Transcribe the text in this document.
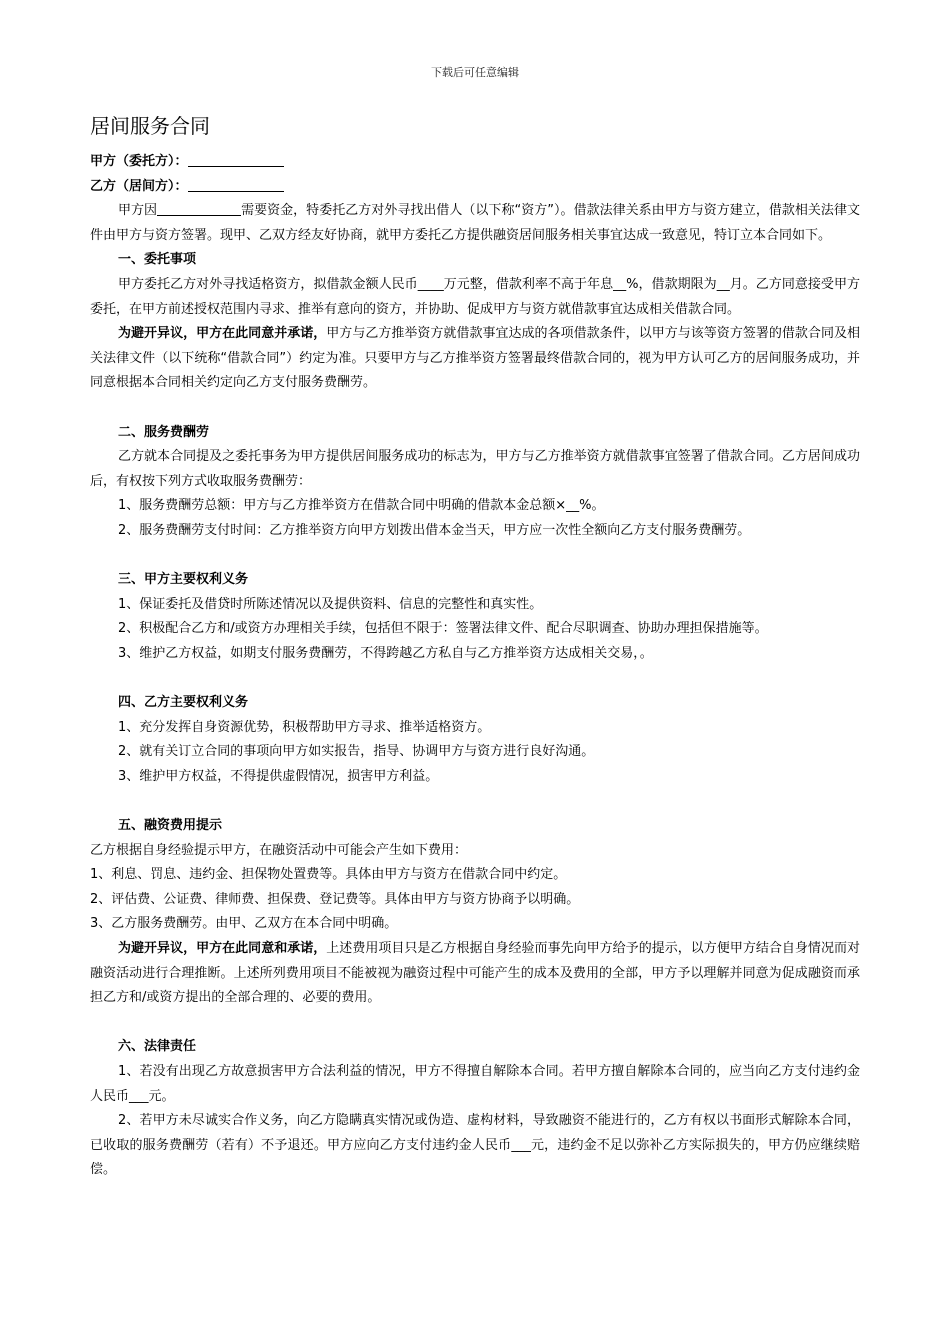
下载后可任意编辑
居间服务合同

甲方（委托方）：

乙方（居间方）：

甲方因	需要资金，特委托乙方对外寻找出借人（以下称“资方”）。借款法律关系由甲方与资方建立，借款相关法律文件由甲方与资方签署。现甲、乙双方经友好协商，就甲方委托乙方提供融资居间服务相关事宜达成一致意见，特订立本合同如下。

一、委托事项

甲方委托乙方对外寻找适格资方，拟借款金额人民币____万元整，借款利率不高于年息__%，借款期限为__月。乙方同意接受甲方委托，在甲方前述授权范围内寻求、推举有意向的资方，并协助、促成甲方与资方就借款事宜达成相关借款合同。

为避开异议，甲方在此同意并承诺，甲方与乙方推举资方就借款事宜达成的各项借款条件，以甲方与该等资方签署的借款合同及相关法律文件（以下统称“借款合同”）约定为准。只要甲方与乙方推举资方签署最终借款合同的，视为甲方认可乙方的居间服务成功，并同意根据本合同相关约定向乙方支付服务费酬劳。

二、服务费酬劳

乙方就本合同提及之委托事务为甲方提供居间服务成功的标志为，甲方与乙方推举资方就借款事宜签署了借款合同。乙方居间成功后，有权按下列方式收取服务费酬劳：

1、服务费酬劳总额：甲方与乙方推举资方在借款合同中明确的借款本金总额×__%。

2、服务费酬劳支付时间：乙方推举资方向甲方划拨出借本金当天，甲方应一次性全额向乙方支付服务费酬劳。

三、甲方主要权利义务

1、保证委托及借贷时所陈述情况以及提供资料、信息的完整性和真实性。

2、积极配合乙方和/或资方办理相关手续，包括但不限于：签署法律文件、配合尽职调查、协助办理担保措施等。

3、维护乙方权益，如期支付服务费酬劳，不得跨越乙方私自与乙方推举资方达成相关交易，。

四、乙方主要权利义务

1、充分发挥自身资源优势，积极帮助甲方寻求、推举适格资方。

2、就有关订立合同的事项向甲方如实报告，指导、协调甲方与资方进行良好沟通。

3、维护甲方权益，不得提供虚假情况，损害甲方利益。

五、融资费用提示

乙方根据自身经验提示甲方，在融资活动中可能会产生如下费用：

1、利息、罚息、违约金、担保物处置费等。具体由甲方与资方在借款合同中约定。

2、评估费、公证费、律师费、担保费、登记费等。具体由甲方与资方协商予以明确。

3、乙方服务费酬劳。由甲、乙双方在本合同中明确。

为避开异议，甲方在此同意和承诺，上述费用项目只是乙方根据自身经验而事先向甲方给予的提示，以方便甲方结合自身情况而对融资活动进行合理推断。上述所列费用项目不能被视为融资过程中可能产生的成本及费用的全部，甲方予以理解并同意为促成融资而承担乙方和/或资方提出的全部合理的、必要的费用。

六、法律责任

1、若没有出现乙方故意损害甲方合法利益的情况，甲方不得擅自解除本合同。若甲方擅自解除本合同的，应当向乙方支付违约金人民币___元。

2、若甲方未尽诚实合作义务，向乙方隐瞒真实情况或伪造、虚构材料，导致融资不能进行的，乙方有权以书面形式解除本合同，已收取的服务费酬劳（若有）不予退还。甲方应向乙方支付违约金人民币___元，违约金不足以弥补乙方实际损失的，甲方仍应继续赔偿。
